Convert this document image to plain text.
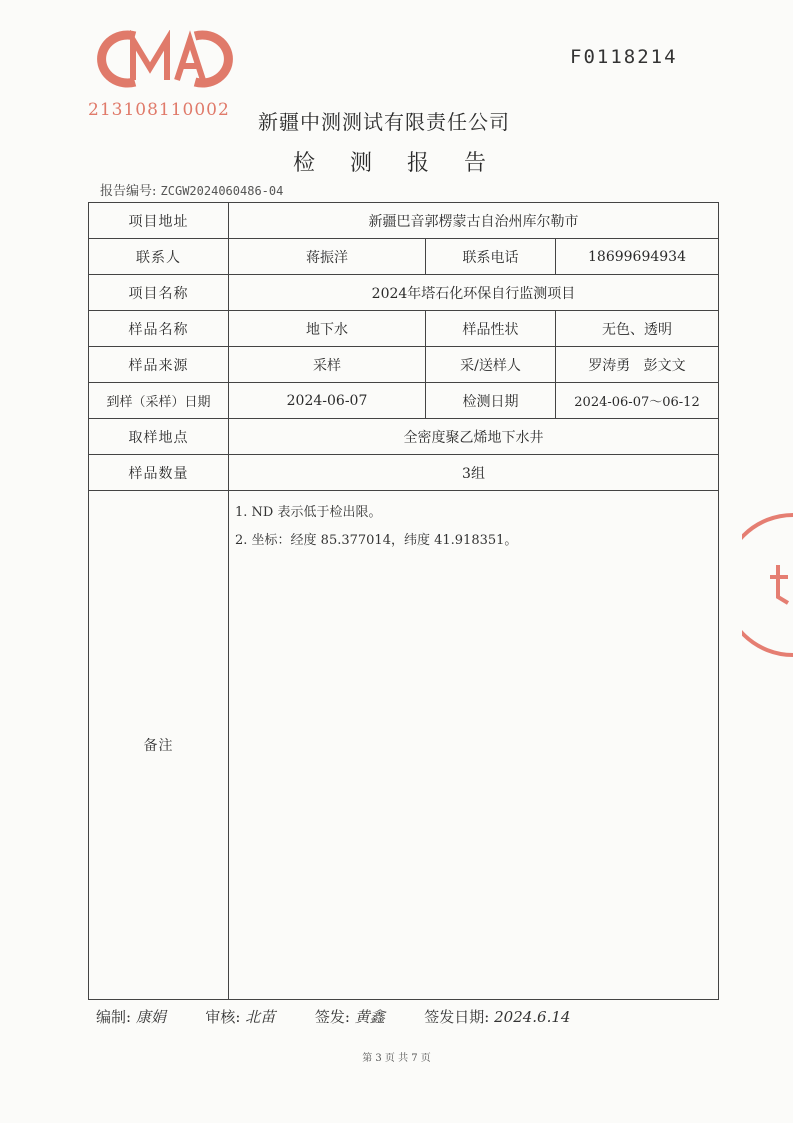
213108110002
F0118214
新疆中测测试有限责任公司
检 测 报 告
报告编号: ZCGW2024060486-04
项目地址	新疆巴音郭楞蒙古自治州库尔勒市		
联系人	蒋振洋	联系电话	18699694934
项目名称	2024年塔石化环保自行监测项目		
样品名称	地下水	样品性状	无色、透明
样品来源	采样	采/送样人	罗涛勇   彭文文
到样（采样）日期	2024-06-07	检测日期	2024-06-07～06-12
取样地点	全密度聚乙烯地下水井		
样品数量	3组		
备注	1. ND 表示低于检出限。
2. 坐标：经度 85.377014，纬度 41.918351。		
编制: 康娟	审核: 北苗	签发: 黄鑫	签发日期: 2024.6.14
第 3 页 共 7 页
